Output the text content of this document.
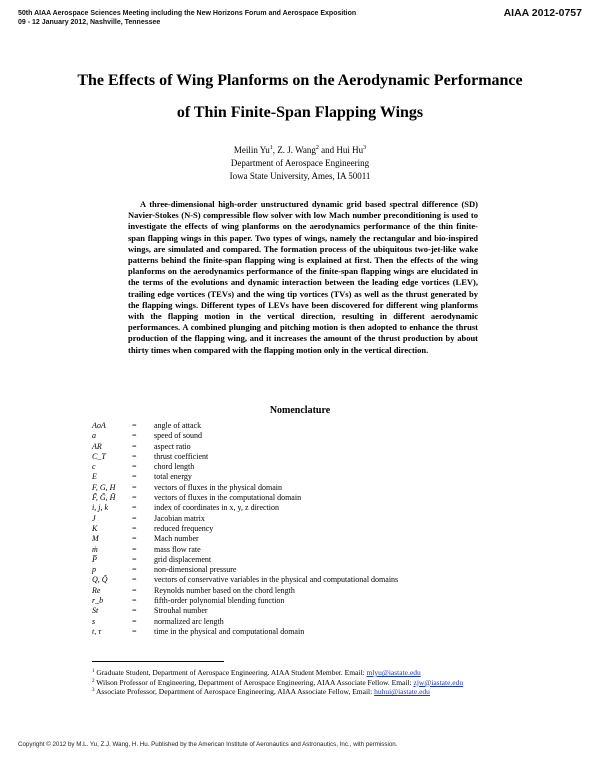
50th AIAA Aerospace Sciences Meeting including the New Horizons Forum and Aerospace Exposition
09 - 12 January 2012, Nashville, Tennessee
AIAA 2012-0757
The Effects of Wing Planforms on the Aerodynamic Performance
of Thin Finite-Span Flapping Wings
Meilin Yu$^1$, Z. J. Wang$^2$ and Hui Hu$^3$
Department of Aerospace Engineering
Iowa State University, Ames, IA 50011
A three-dimensional high-order unstructured dynamic grid based spectral difference (SD) Navier-Stokes (N-S) compressible flow solver with low Mach number preconditioning is used to investigate the effects of wing planforms on the aerodynamics performance of the thin finite-span flapping wings in this paper. Two types of wings, namely the rectangular and bio-inspired wings, are simulated and compared. The formation process of the ubiquitous two-jet-like wake patterns behind the finite-span flapping wing is explained at first. Then the effects of the wing planforms on the aerodynamics performance of the finite-span flapping wings are elucidated in the terms of the evolutions and dynamic interaction between the leading edge vortices (LEV), trailing edge vortices (TEVs) and the wing tip vortices (TVs) as well as the thrust generated by the flapping wings. Different types of LEVs have been discovered for different wing planforms with the flapping motion in the vertical direction, resulting in different aerodynamic performances. A combined plunging and pitching motion is then adopted to enhance the thrust production of the flapping wing, and it increases the amount of the thrust production by about thirty times when compared with the flapping motion only in the vertical direction.
Nomenclature
AoA	=	angle of attack
a	=	speed of sound
AR	=	aspect ratio
C_T	=	thrust coefficient
c	=	chord length
E	=	total energy
F, G, H	=	vectors of fluxes in the physical domain
F̃, G̃, H̃	=	vectors of fluxes in the computational domain
i, j, k	=	index of coordinates in x, y, z direction
J	=	Jacobian matrix
K	=	reduced frequency
M	=	Mach number
ṁ	=	mass flow rate
P̅	=	grid displacement
p	=	non-dimensional pressure
Q, Q̃	=	vectors of conservative variables in the physical and computational domains
Re	=	Reynolds number based on the chord length
r_b	=	fifth-order polynomial blending function
St	=	Strouhal number
s	=	normalized arc length
t, τ	=	time in the physical and computational domain
$^1$ Graduate Student, Department of Aerospace Engineering. AIAA Student Member. Email: mlyu@iastate.edu
$^2$ Wilson Professor of Engineering, Department of Aerospace Engineering, AIAA Associate Fellow. Email: zjw@iastate.edu
$^3$ Associate Professor, Department of Aerospace Engineering, AIAA Associate Fellow, Email: huhui@iastate.edu
Copyright © 2012 by M.L. Yu, Z.J. Wang, H. Hu. Published by the American Institute of Aeronautics and Astronautics, Inc., with permission.
